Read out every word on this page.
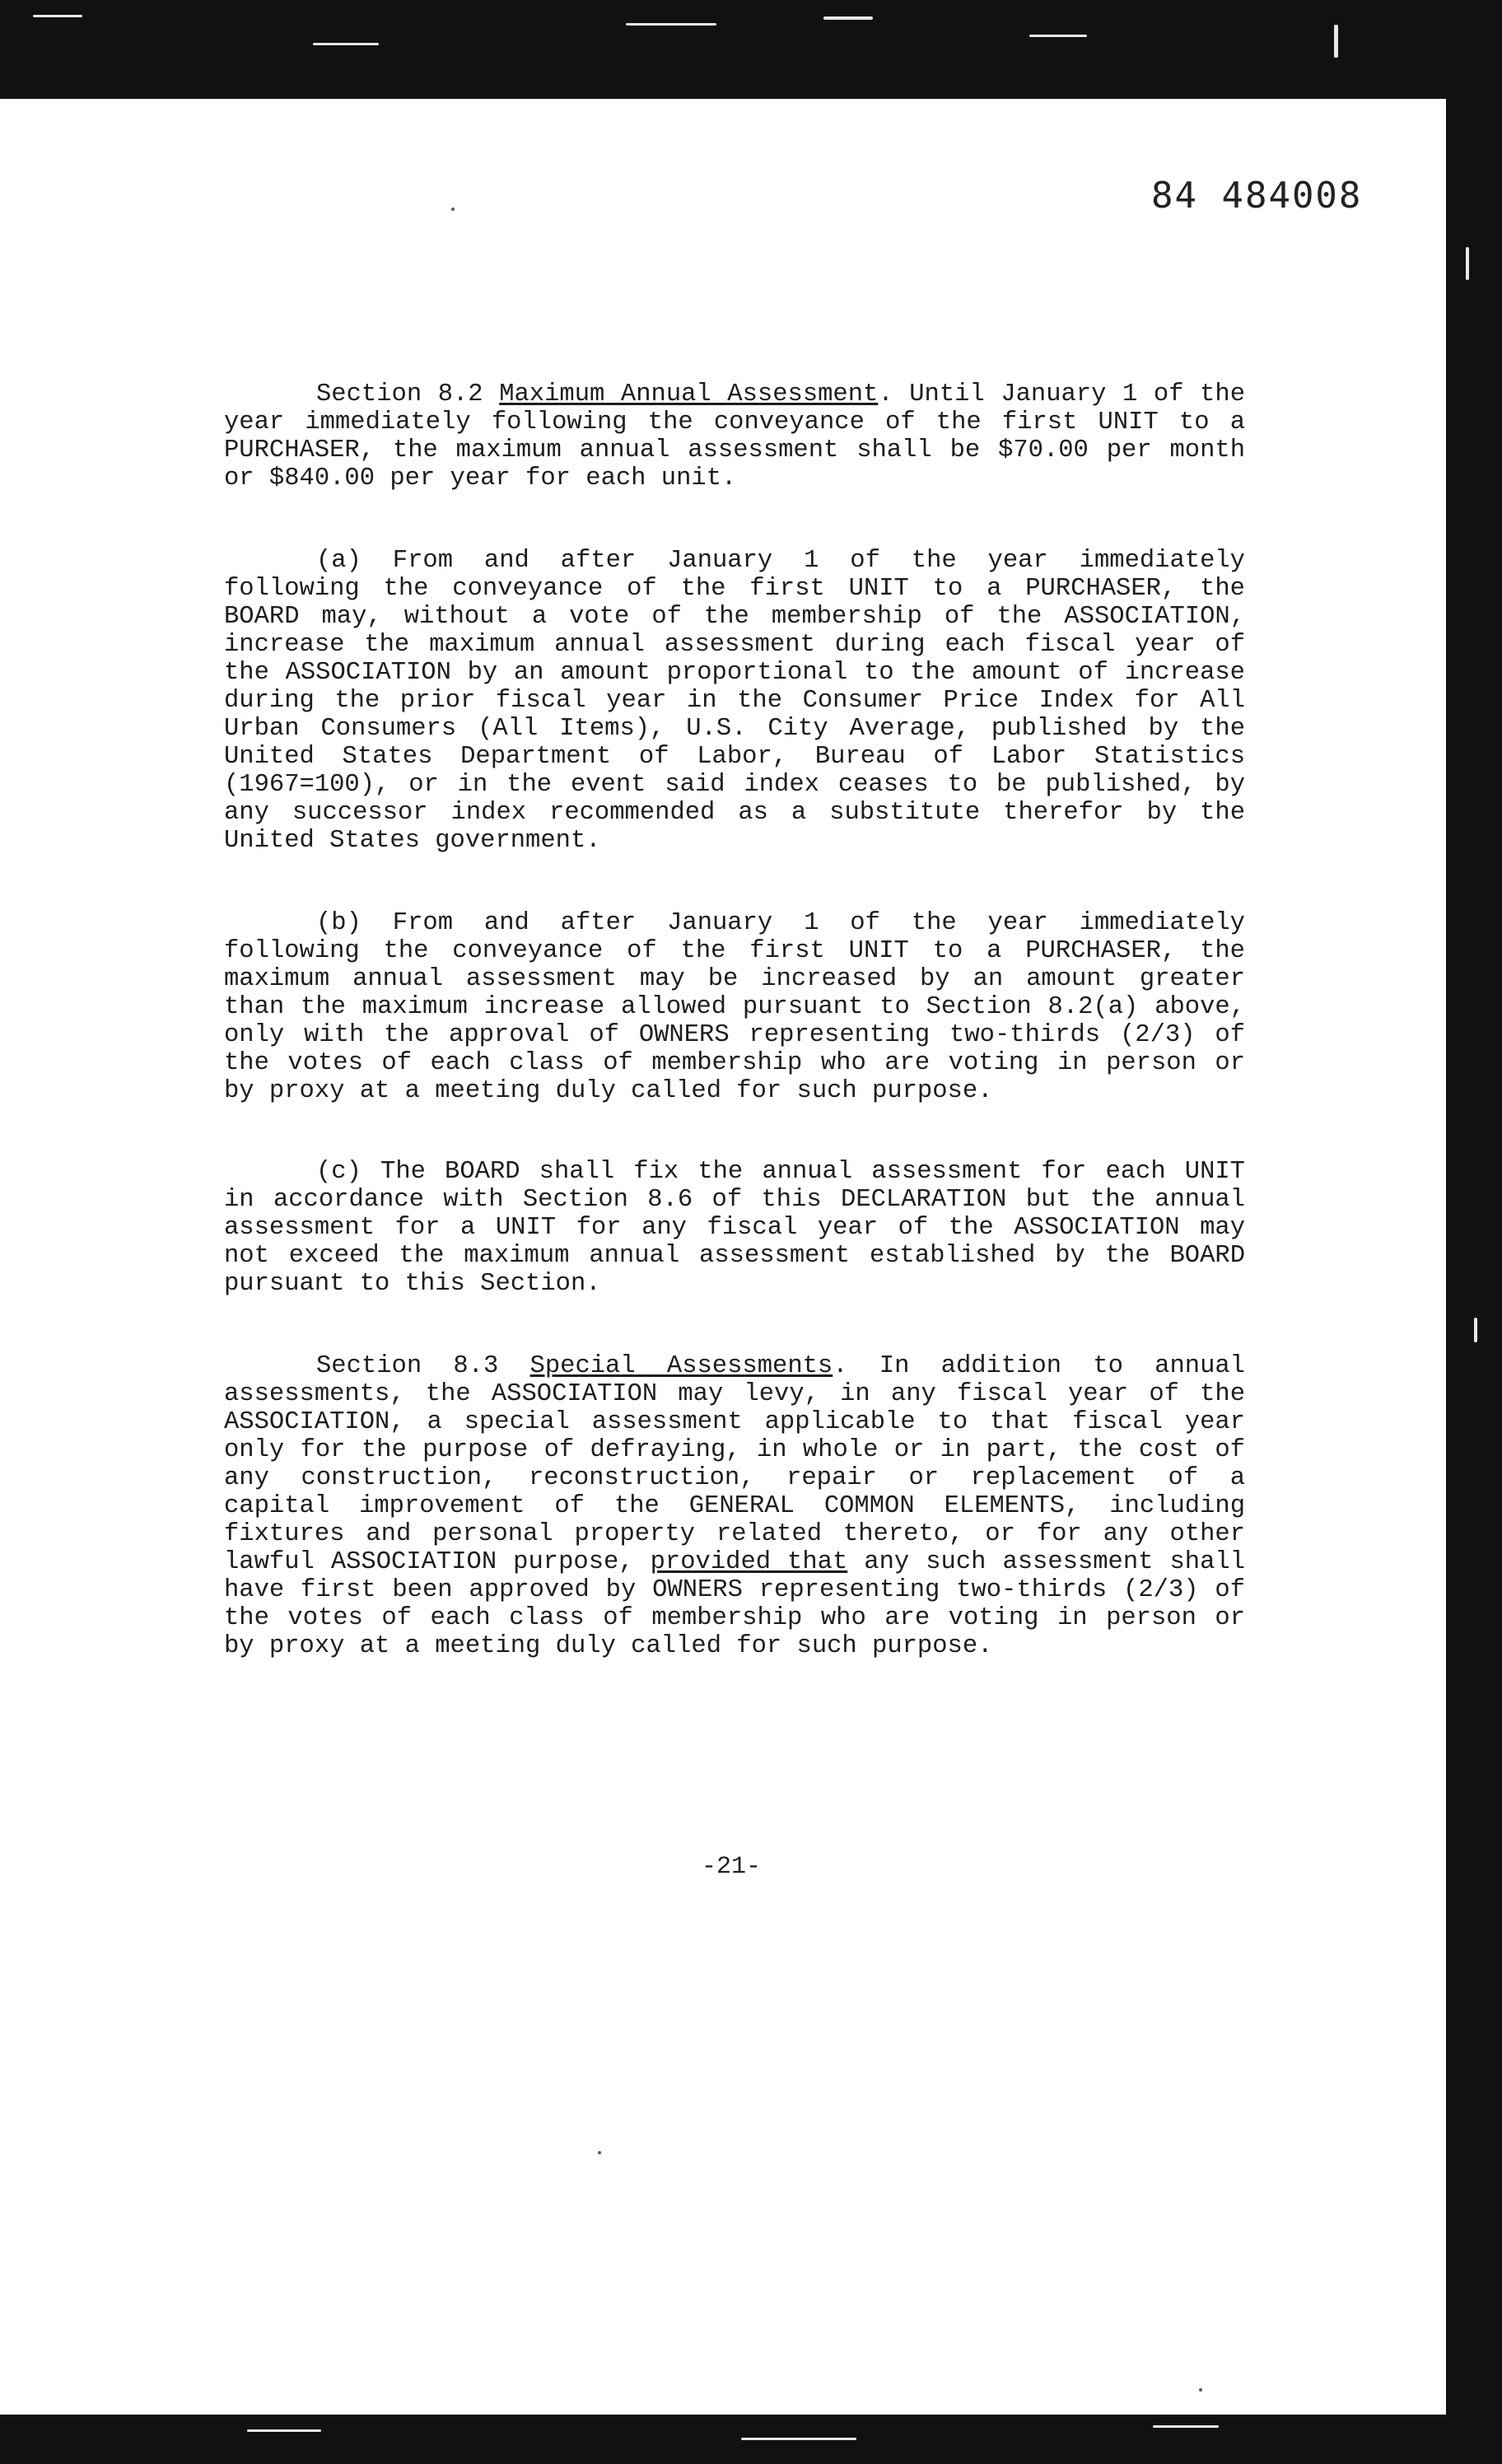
84 484008

Section 8.2 Maximum Annual Assessment. Until January 1 of the year immediately following the conveyance of the first UNIT to a PURCHASER, the maximum annual assessment shall be $70.00 per month or $840.00 per year for each unit.

(a) From and after January 1 of the year immediately following the conveyance of the first UNIT to a PURCHASER, the BOARD may, without a vote of the membership of the ASSOCIATION, increase the maximum annual assessment during each fiscal year of the ASSOCIATION by an amount proportional to the amount of increase during the prior fiscal year in the Consumer Price Index for All Urban Consumers (All Items), U.S. City Average, published by the United States Department of Labor, Bureau of Labor Statistics (1967=100), or in the event said index ceases to be published, by any successor index recommended as a substitute therefor by the United States government.

(b) From and after January 1 of the year immediately following the conveyance of the first UNIT to a PURCHASER, the maximum annual assessment may be increased by an amount greater than the maximum increase allowed pursuant to Section 8.2(a) above, only with the approval of OWNERS representing two-thirds (2/3) of the votes of each class of membership who are voting in person or by proxy at a meeting duly called for such purpose.

(c) The BOARD shall fix the annual assessment for each UNIT in accordance with Section 8.6 of this DECLARATION but the annual assessment for a UNIT for any fiscal year of the ASSOCIATION may not exceed the maximum annual assessment established by the BOARD pursuant to this Section.

Section 8.3 Special Assessments. In addition to annual assessments, the ASSOCIATION may levy, in any fiscal year of the ASSOCIATION, a special assessment applicable to that fiscal year only for the purpose of defraying, in whole or in part, the cost of any construction, reconstruction, repair or replacement of a capital improvement of the GENERAL COMMON ELEMENTS, including fixtures and personal property related thereto, or for any other lawful ASSOCIATION purpose, provided that any such assessment shall have first been approved by OWNERS representing two-thirds (2/3) of the votes of each class of membership who are voting in person or by proxy at a meeting duly called for such purpose.

-21-
